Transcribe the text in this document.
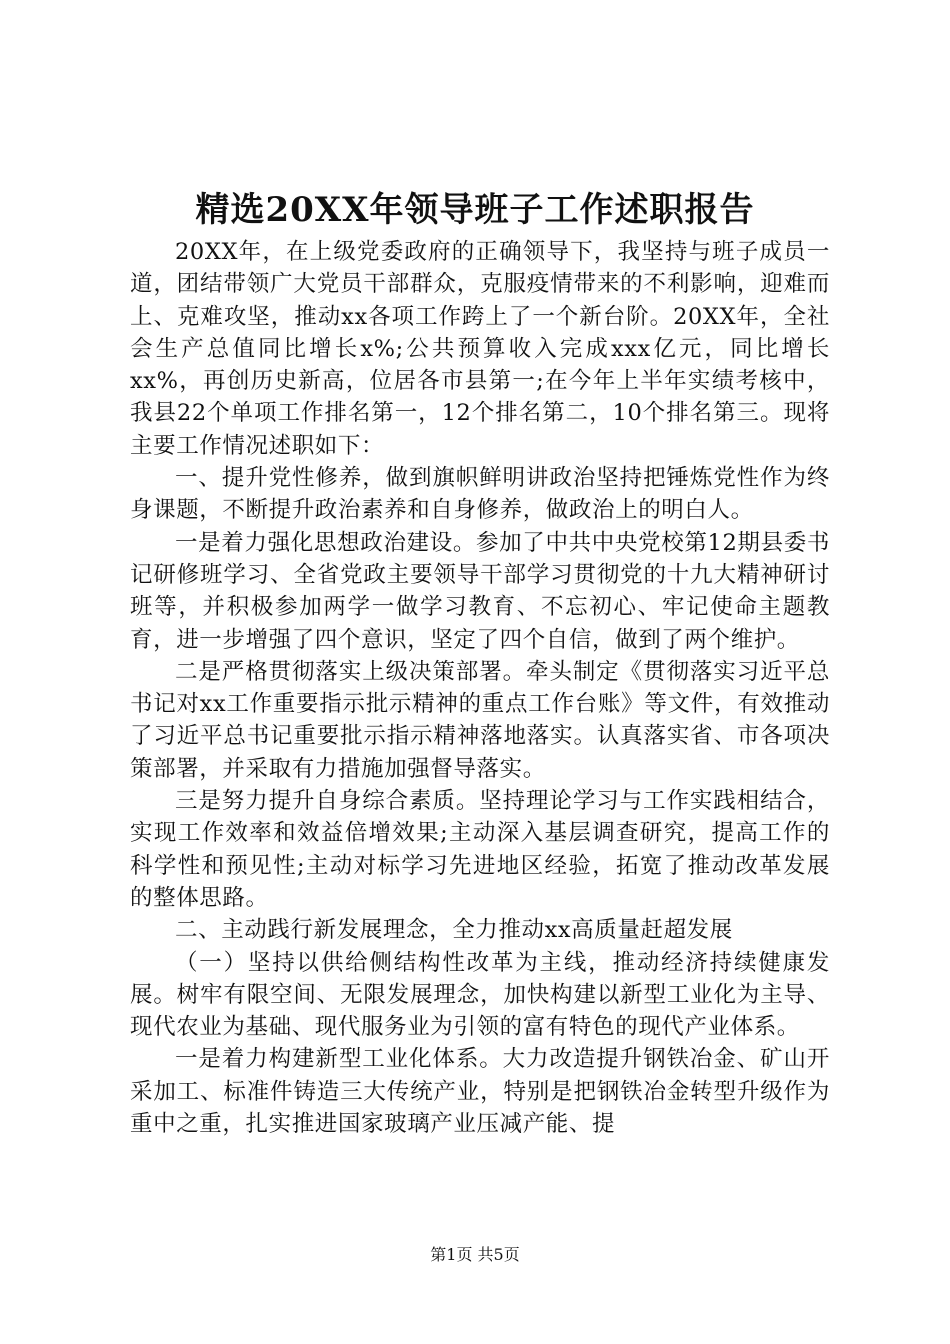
精选20XX年领导班子工作述职报告

20XX年，在上级党委政府的正确领导下，我坚持与班子成员一道，团结带领广大党员干部群众，克服疫情带来的不利影响，迎难而上、克难攻坚，推动xx各项工作跨上了一个新台阶。20XX年，全社会生产总值同比增长x%;公共预算收入完成xxx亿元，同比增长xx%，再创历史新高，位居各市县第一;在今年上半年实绩考核中，我县22个单项工作排名第一，12个排名第二，10个排名第三。现将主要工作情况述职如下：

一、提升党性修养，做到旗帜鲜明讲政治坚持把锤炼党性作为终身课题，不断提升政治素养和自身修养，做政治上的明白人。

一是着力强化思想政治建设。参加了中共中央党校第12期县委书记研修班学习、全省党政主要领导干部学习贯彻党的十九大精神研讨班等，并积极参加两学一做学习教育、不忘初心、牢记使命主题教育，进一步增强了四个意识，坚定了四个自信，做到了两个维护。

二是严格贯彻落实上级决策部署。牵头制定《贯彻落实习近平总书记对xx工作重要指示批示精神的重点工作台账》等文件，有效推动了习近平总书记重要批示指示精神落地落实。认真落实省、市各项决策部署，并采取有力措施加强督导落实。

三是努力提升自身综合素质。坚持理论学习与工作实践相结合，实现工作效率和效益倍增效果;主动深入基层调查研究，提高工作的科学性和预见性;主动对标学习先进地区经验，拓宽了推动改革发展的整体思路。

二、主动践行新发展理念，全力推动xx高质量赶超发展

（一）坚持以供给侧结构性改革为主线，推动经济持续健康发展。树牢有限空间、无限发展理念，加快构建以新型工业化为主导、现代农业为基础、现代服务业为引领的富有特色的现代产业体系。

一是着力构建新型工业化体系。大力改造提升钢铁冶金、矿山开采加工、标准件铸造三大传统产业，特别是把钢铁冶金转型升级作为重中之重，扎实推进国家玻璃产业压减产能、提

第1页 共5页
